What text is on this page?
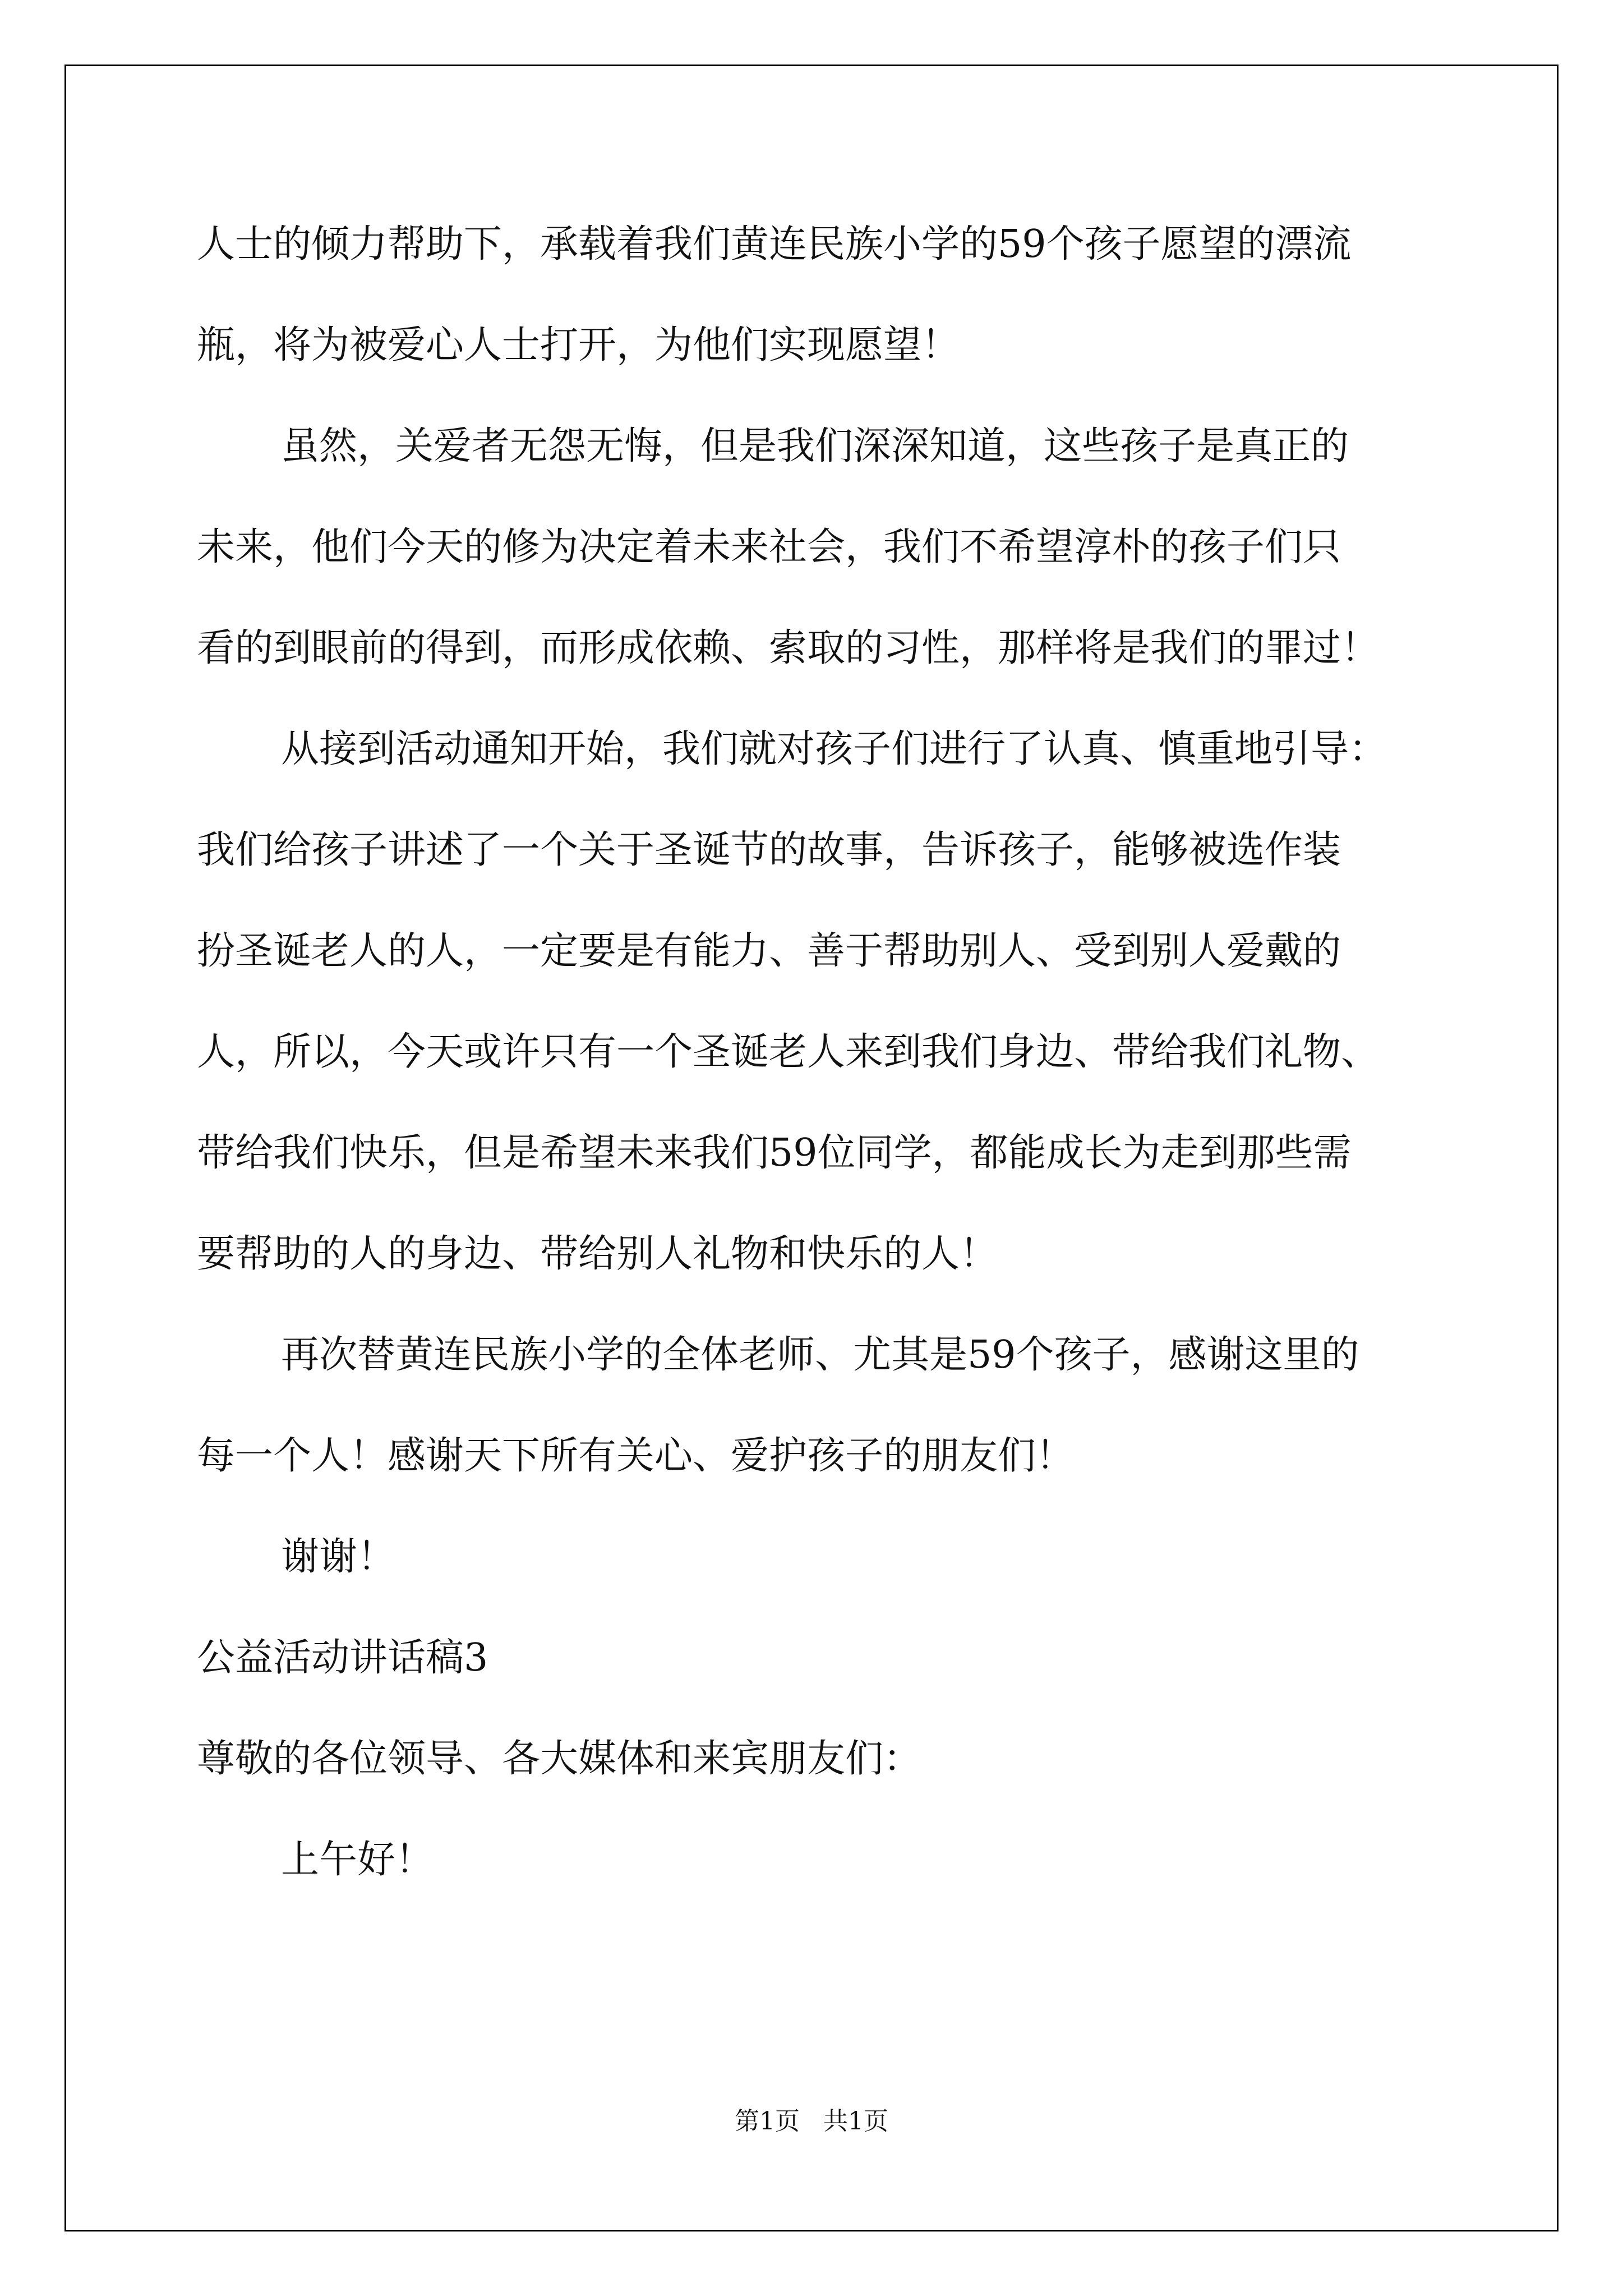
人士的倾力帮助下，承载着我们黄连民族小学的59个孩子愿望的漂流
瓶，将为被爱心人士打开，为他们实现愿望！
虽然，关爱者无怨无悔，但是我们深深知道，这些孩子是真正的
未来，他们今天的修为决定着未来社会，我们不希望淳朴的孩子们只
看的到眼前的得到，而形成依赖、索取的习性，那样将是我们的罪过！
从接到活动通知开始，我们就对孩子们进行了认真、慎重地引导：
我们给孩子讲述了一个关于圣诞节的故事，告诉孩子，能够被选作装
扮圣诞老人的人，一定要是有能力、善于帮助别人、受到别人爱戴的
人，所以，今天或许只有一个圣诞老人来到我们身边、带给我们礼物、
带给我们快乐，但是希望未来我们59位同学，都能成长为走到那些需
要帮助的人的身边、带给别人礼物和快乐的人！
再次替黄连民族小学的全体老师、尤其是59个孩子，感谢这里的
每一个人！感谢天下所有关心、爱护孩子的朋友们！
谢谢！
公益活动讲话稿3
尊敬的各位领导、各大媒体和来宾朋友们：
上午好！
第1页   共1页
